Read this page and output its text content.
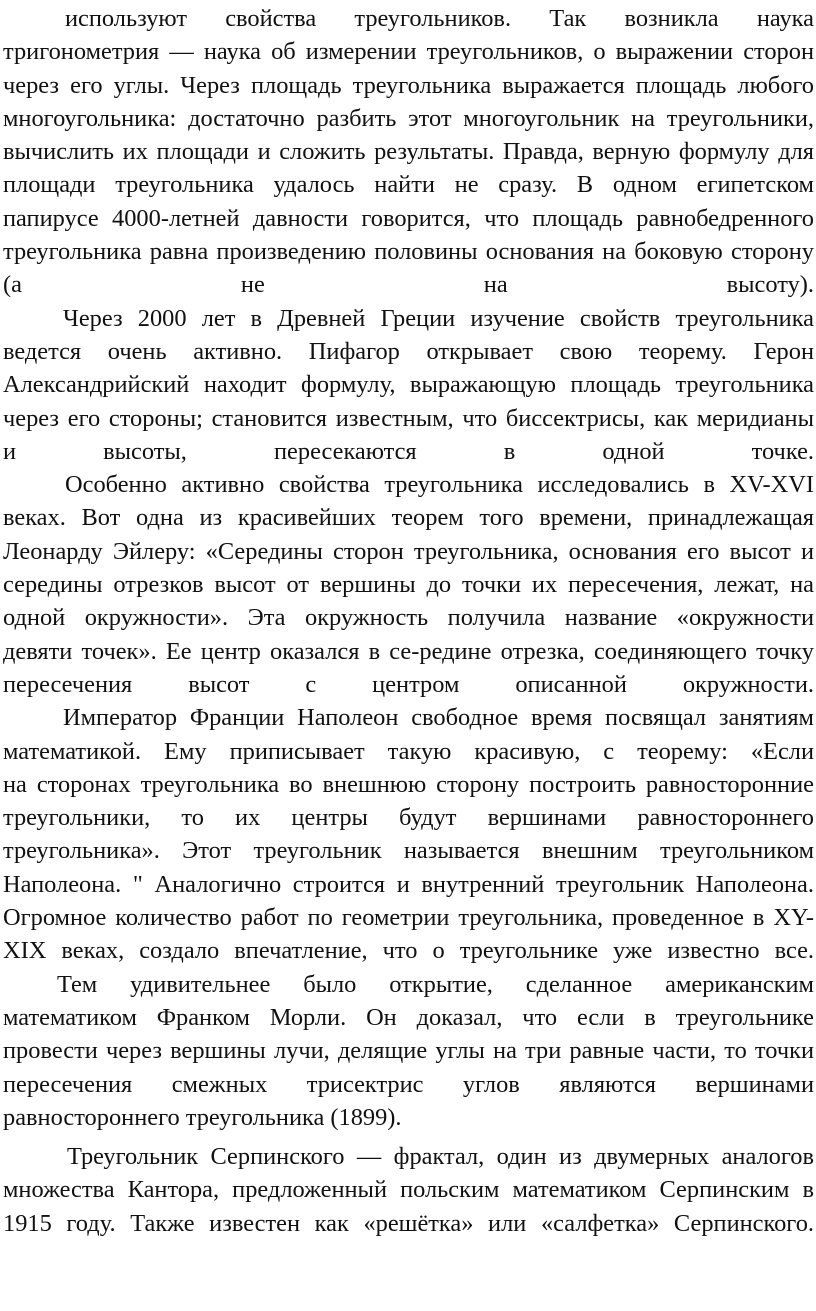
используют свойства треугольников. Так возникла наука
тригонометрия — наука об измерении треугольников, о выражении сторон
через его углы. Через площадь треугольника выражается площадь любого
многоугольника: достаточно разбить этот многоугольник на треугольники,
вычислить их площади и сложить результаты. Правда, верную формулу для
площади треугольника удалось найти не сразу. В одном египетском
папирусе 4000-летней давности говорится, что площадь равнобедренного
треугольника равна произведению половины основания на боковую сторону
(а не на высоту).
Через 2000 лет в Древней Греции изучение свойств треугольника
ведется очень активно. Пифагор открывает свою теорему. Герон
Александрийский находит формулу, выражающую площадь треугольника
через его стороны; становится известным, что биссектрисы, как меридианы
и высоты, пересекаются в одной точке.
Особенно активно свойства треугольника исследовались в XV-XVI
веках. Вот одна из красивейших теорем того времени, принадлежащая
Леонарду Эйлеру: «Середины сторон треугольника, основания его высот и
середины отрезков высот от вершины до точки их пересечения, лежат, на
одной окружности». Эта окружность получила название «окружности
девяти точек». Ее центр оказался в се-редине отрезка, соединяющего точку
пересечения высот с центром описанной окружности.
Император Франции Наполеон свободное время посвящал занятиям
математикой. Ему приписывает такую красивую, с теорему: «Если
на сторонах треугольника во внешнюю сторону построить равносторонние
треугольники, то их центры будут вершинами равностороннего
треугольника». Этот треугольник называется внешним треугольником
Наполеона. " Аналогично строится и внутренний треугольник Наполеона.
Огромное количество работ по геометрии треугольника, проведенное в XY-
XIX веках, создало впечатление, что о треугольнике уже известно все.
Тем удивительнее было открытие, сделанное американским
математиком Франком Морли. Он доказал, что если в треугольнике
провести через вершины лучи, делящие углы на три равные части, то точки
пересечения смежных трисектрис углов являются вершинами
равностороннего треугольника (1899).
Треугольник Серпинского — фрактал, один из двумерных аналогов
множества Кантора, предложенный польским математиком Серпинским в
1915 году. Также известен как «решётка» или «салфетка» Серпинского.
